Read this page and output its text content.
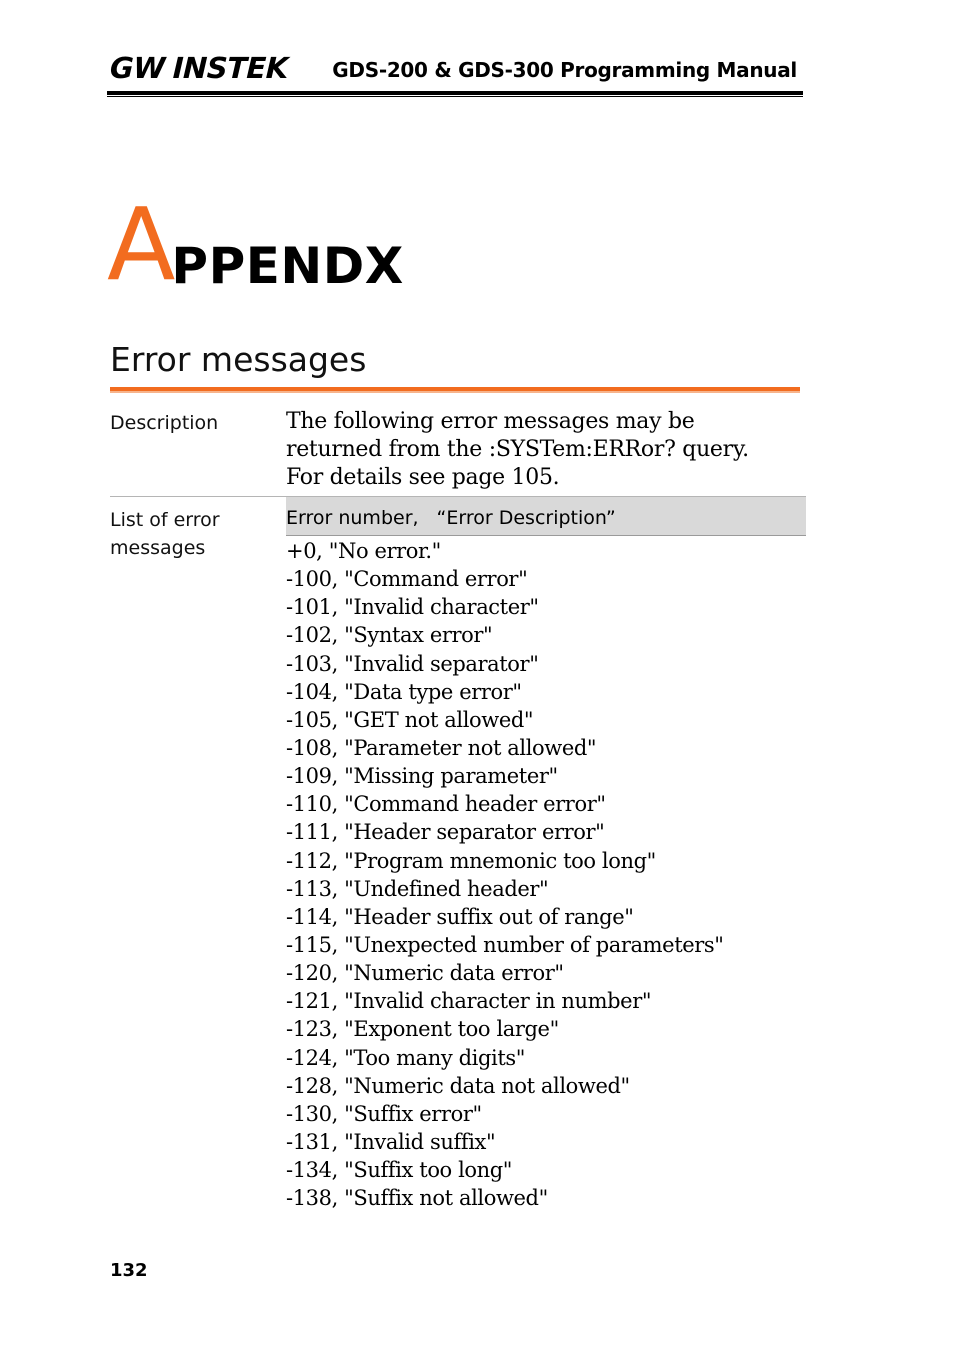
GW INSTEK GDS-200 & GDS-300 Programming Manual
A
PPENDX
Error messages
Description	The following error messages may be returned from the :SYSTem:ERRor? query. For details see page 105.
List of error messages
Error number, “Error Description”
+0, "No error."
-100, "Command error"
-101, "Invalid character"
-102, "Syntax error"
-103, "Invalid separator"
-104, "Data type error"
-105, "GET not allowed"
-108, "Parameter not allowed"
-109, "Missing parameter"
-110, "Command header error"
-111, "Header separator error"
-112, "Program mnemonic too long"
-113, "Undefined header"
-114, "Header suffix out of range"
-115, "Unexpected number of parameters"
-120, "Numeric data error"
-121, "Invalid character in number"
-123, "Exponent too large"
-124, "Too many digits"
-128, "Numeric data not allowed"
-130, "Suffix error"
-131, "Invalid suffix"
-134, "Suffix too long"
-138, "Suffix not allowed"
132
